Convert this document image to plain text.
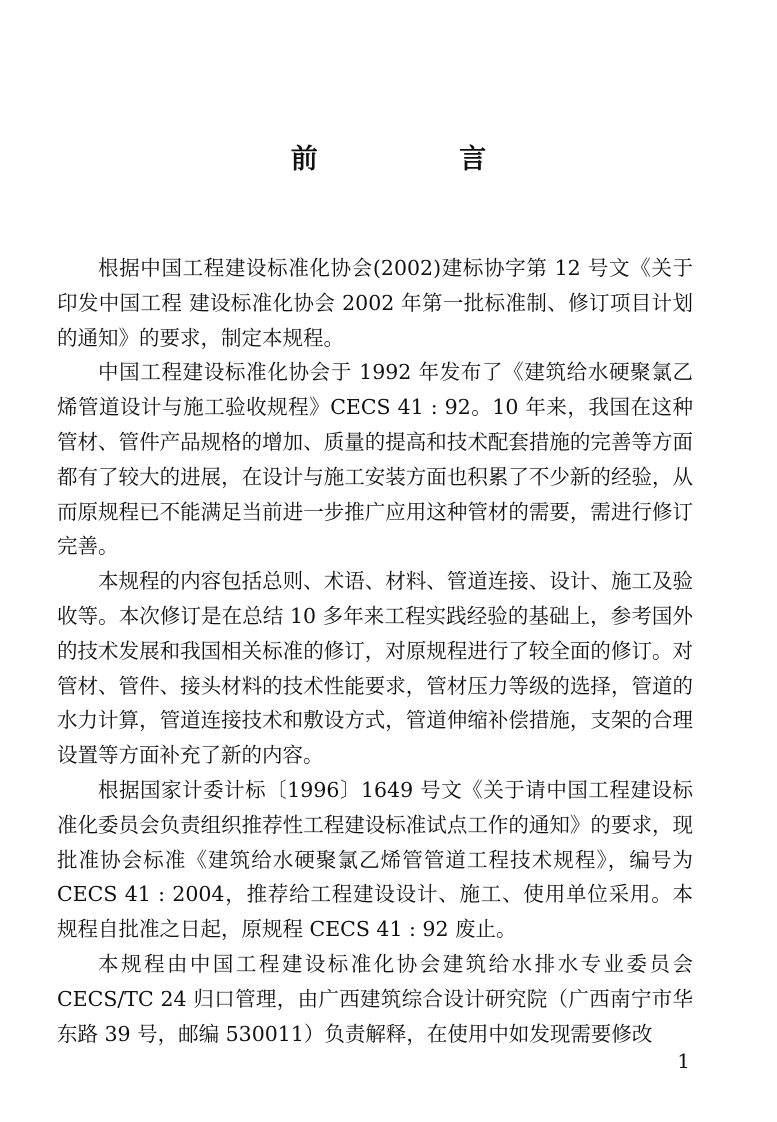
前 言

根据中国工程建设标准化协会(2002)建标协字第 12 号文《关于印发中国工程 建设标准化协会 2002 年第一批标准制、修订项目计划的通知》的要求，制定本规程。

中国工程建设标准化协会于 1992 年发布了《建筑给水硬聚氯乙烯管道设计与施工验收规程》CECS 41 : 92。10 年来，我国在这种管材、管件产品规格的增加、质量的提高和技术配套措施的完善等方面都有了较大的进展，在设计与施工安装方面也积累了不少新的经验，从而原规程已不能满足当前进一步推广应用这种管材的需要，需进行修订完善。

本规程的内容包括总则、术语、材料、管道连接、设计、施工及验收等。本次修订是在总结 10 多年来工程实践经验的基础上，参考国外的技术发展和我国相关标准的修订，对原规程进行了较全面的修订。对管材、管件、接头材料的技术性能要求，管材压力等级的选择，管道的水力计算，管道连接技术和敷设方式，管道伸缩补偿措施，支架的合理设置等方面补充了新的内容。

根据国家计委计标〔1996〕1649 号文《关于请中国工程建设标准化委员会负责组织推荐性工程建设标准试点工作的通知》的要求，现批准协会标准《建筑给水硬聚氯乙烯管管道工程技术规程》，编号为 CECS 41 : 2004，推荐给工程建设设计、施工、使用单位采用。本规程自批准之日起，原规程 CECS 41 : 92 废止。

本规程由中国工程建设标准化协会建筑给水排水专业委员会 CECS/TC 24 归口管理，由广西建筑综合设计研究院（广西南宁市华东路 39 号，邮编 530011）负责解释，在使用中如发现需要修改

1
